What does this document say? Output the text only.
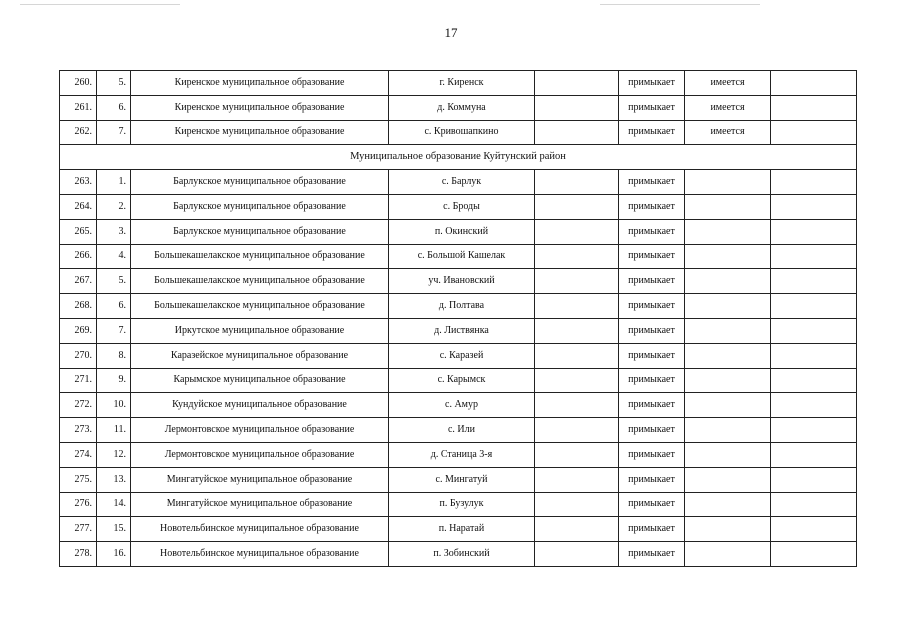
17
260.	5.	Киренское муниципальное образование	г. Киренск		примыкает	имеется	
261.	6.	Киренское муниципальное образование	д. Коммуна		примыкает	имеется	
262.	7.	Киренское муниципальное образование	с. Кривошапкино		примыкает	имеется	
Муниципальное образование Куйтунский район							
263.	1.	Барлукское муниципальное образование	с. Барлук		примыкает		
264.	2.	Барлукское муниципальное образование	с. Броды		примыкает		
265.	3.	Барлукское муниципальное образование	п. Окинский		примыкает		
266.	4.	Большекашелакское муниципальное образование	с. Большой Кашелак		примыкает		
267.	5.	Большекашелакское муниципальное образование	уч. Ивановский		примыкает		
268.	6.	Большекашелакское муниципальное образование	д. Полтава		примыкает		
269.	7.	Иркутское муниципальное образование	д. Листвянка		примыкает		
270.	8.	Каразейское муниципальное образование	с. Каразей		примыкает		
271.	9.	Карымское муниципальное образование	с. Карымск		примыкает		
272.	10.	Кундуйское муниципальное образование	с. Амур		примыкает		
273.	11.	Лермонтовское муниципальное образование	с. Или		примыкает		
274.	12.	Лермонтовское муниципальное образование	д. Станица 3-я		примыкает		
275.	13.	Мингатуйское муниципальное образование	с. Мингатуй		примыкает		
276.	14.	Мингатуйское муниципальное образование	п. Бузулук		примыкает		
277.	15.	Новотельбинское муниципальное образование	п. Наратай		примыкает		
278.	16.	Новотельбинское муниципальное образование	п. Зобинский		примыкает		
